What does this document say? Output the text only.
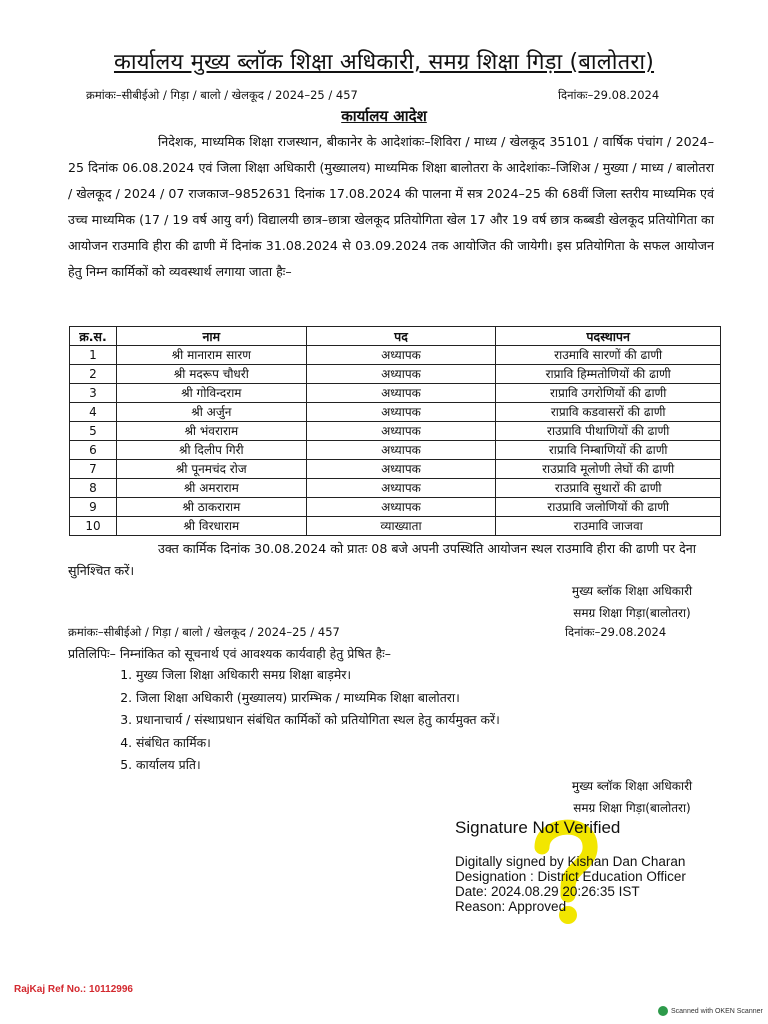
कार्यालय मुख्य ब्लॉक शिक्षा अधिकारी, समग्र शिक्षा गिड़ा (बालोतरा)
क्रमांकः–सीबीईओ / गिड़ा / बालो / खेलकूद / 2024–25 / 457	दिनांकः–29.08.2024
कार्यालय आदेश
निदेशक, माध्यमिक शिक्षा राजस्थान, बीकानेर के आदेशांकः–शिविरा / माध्य / खेलकूद 35101 / वार्षिक पंचांग / 2024–25 दिनांक 06.08.2024 एवं जिला शिक्षा अधिकारी (मुख्यालय) माध्यमिक शिक्षा बालोतरा के आदेशांकः–जिशिअ / मुख्या / माध्य / बालोतरा / खेलकूद / 2024 / 07 राजकाज–9852631 दिनांक 17.08.2024 की पालना में सत्र 2024–25 की 68वीं जिला स्तरीय माध्यमिक एवं उच्च माध्यमिक (17 / 19 वर्ष आयु वर्ग) विद्यालयी छात्र–छात्रा खेलकूद प्रतियोगिता खेल 17 और 19 वर्ष छात्र कब्बडी खेलकूद प्रतियोगिता का आयोजन राउमावि हीरा की ढाणी में दिनांक 31.08.2024 से 03.09.2024 तक आयोजित की जायेगी। इस प्रतियोगिता के सफल आयोजन हेतु निम्न कार्मिकों को व्यवस्थार्थ लगाया जाता हैः–
क्र.स.	नाम	पद	पदस्थापन
1	श्री मानाराम सारण	अध्यापक	राउमावि सारणों की ढाणी
2	श्री मदरूप चौधरी	अध्यापक	राप्रावि हिम्मतोणियों की ढाणी
3	श्री गोविन्दराम	अध्यापक	राप्रावि उगरोणियों की ढाणी
4	श्री अर्जुन	अध्यापक	राप्रावि कडवासरों की ढाणी
5	श्री भंवराराम	अध्यापक	राउप्रावि पीथाणियों की ढाणी
6	श्री दिलीप गिरी	अध्यापक	राप्रावि निम्बाणियों की ढाणी
7	श्री पूनमचंद रोज	अध्यापक	राउप्रावि मूलोणी लेघों की ढाणी
8	श्री अमराराम	अध्यापक	राउप्रावि सुथारों की ढाणी
9	श्री ठाकराराम	अध्यापक	राउप्रावि जलोणियों की ढाणी
10	श्री विरधाराम	व्याख्याता	राउमावि जाजवा
उक्त कार्मिक दिनांक 30.08.2024 को प्रातः 08 बजे अपनी उपस्थिति आयोजन स्थल राउमावि हीरा की ढाणी पर देना सुनिश्चित करें।
मुख्य ब्लॉक शिक्षा अधिकारी
समग्र शिक्षा गिड़ा(बालोतरा)
क्रमांकः–सीबीईओ / गिड़ा / बालो / खेलकूद / 2024–25 / 457	दिनांकः–29.08.2024
प्रतिलिपिः– निम्नांकित को सूचनार्थ एवं आवश्यक कार्यवाही हेतु प्रेषित हैः–
1. मुख्य जिला शिक्षा अधिकारी समग्र शिक्षा बाड़मेर।
2. जिला शिक्षा अधिकारी (मुख्यालय) प्रारम्भिक / माध्यमिक शिक्षा बालोतरा।
3. प्रधानाचार्य / संस्थाप्रधान संबंधित कार्मिकों को प्रतियोगिता स्थल हेतु कार्यमुक्त करें।
4. संबंधित कार्मिक।
5. कार्यालय प्रति।
मुख्य ब्लॉक शिक्षा अधिकारी
समग्र शिक्षा गिड़ा(बालोतरा)
Signature Not Verified
Digitally signed by Kishan Dan Charan
Designation : District Education Officer
Date: 2024.08.29 20:26:35 IST
Reason: Approved
RajKaj Ref No.: 10112996
Scanned with OKEN Scanner
